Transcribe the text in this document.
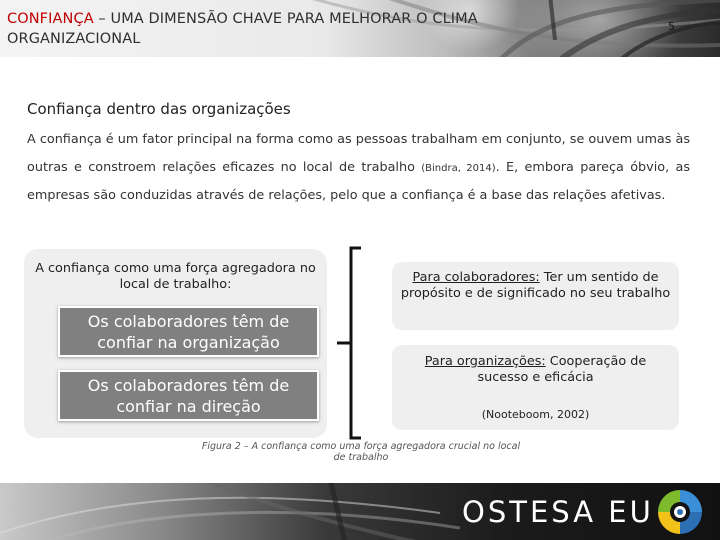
CONFIANÇA – UMA DIMENSÃO CHAVE PARA MELHORAR O CLIMA ORGANIZACIONAL
5
Confiança dentro das organizações
A confiança é um fator principal na forma como as pessoas trabalham em conjunto, se ouvem umas às outras e constroem relações eficazes no local de trabalho (Bindra, 2014). E, embora pareça óbvio, as empresas são conduzidas através de relações, pelo que a confiança é a base das relações afetivas.
A confiança como uma força agregadora no local de trabalho:
Os colaboradores têm de confiar na organização
Os colaboradores têm de confiar na direção
Para colaboradores: Ter um sentido de propósito e de significado no seu trabalho
Para organizações: Cooperação de sucesso e eficácia
(Nooteboom, 2002)
Figura 2 – A confiança como uma força agregadora crucial no local de trabalho
OSTESA EU
